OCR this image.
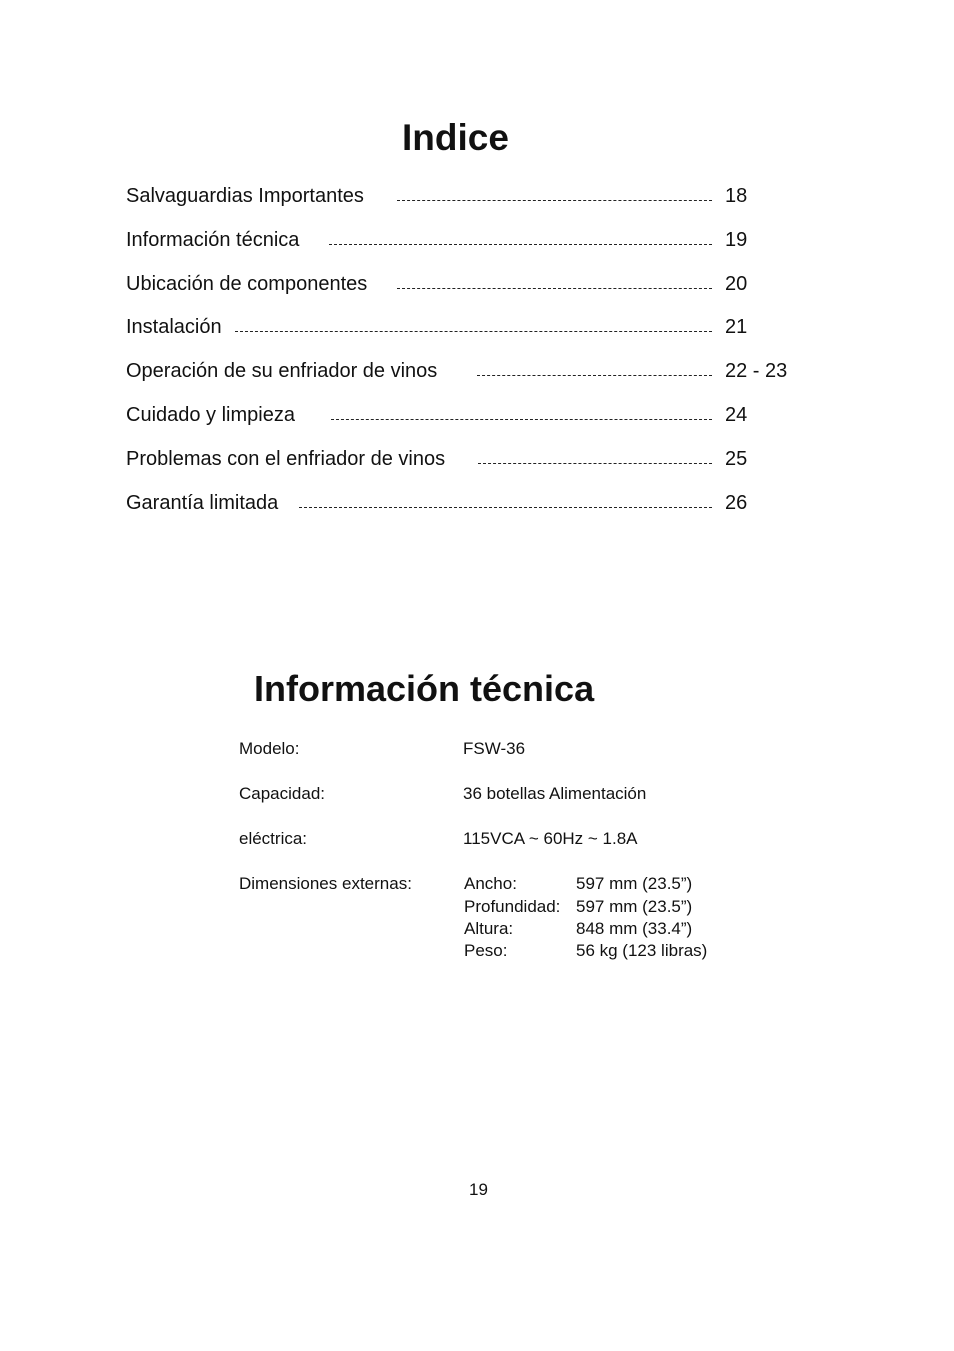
Indice
Salvaguardias Importantes	18
Información técnica	19
Ubicación de componentes	20
Instalación	21
Operación de su enfriador de vinos	22 - 23
Cuidado y limpieza	24
Problemas con el enfriador de vinos	25
Garantía limitada	26
Información técnica
Modelo:	FSW-36
Capacidad:	36 botellas Alimentación
eléctrica:	115VCA ~ 60Hz ~ 1.8A
Dimensiones externas:	Ancho:	597 mm (23.5”)
Profundidad: 597 mm (23.5”)
Altura:	848 mm (33.4”)
Peso:	56 kg (123 libras)
19
